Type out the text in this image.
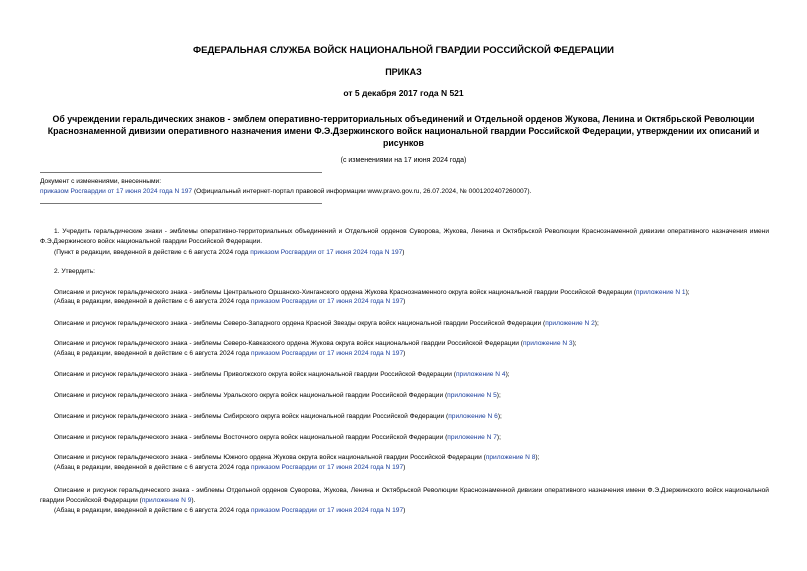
ФЕДЕРАЛЬНАЯ СЛУЖБА ВОЙСК НАЦИОНАЛЬНОЙ ГВАРДИИ РОССИЙСКОЙ ФЕДЕРАЦИИ
ПРИКАЗ
от 5 декабря 2017 года N 521
Об учреждении геральдических знаков - эмблем оперативно-территориальных объединений и Отдельной орденов Жукова, Ленина и Октябрьской Революции Краснознаменной дивизии оперативного назначения имени Ф.Э.Дзержинского войск национальной гвардии Российской Федерации, утверждении их описаний и рисунков
(с изменениями на 17 июня 2024 года)
Документ с изменениями, внесенными:
приказом Росгвардии от 17 июня 2024 года N 197 (Официальный интернет-портал правовой информации www.pravo.gov.ru, 26.07.2024, № 0001202407260007).
1. Учредить геральдические знаки - эмблемы оперативно-территориальных объединений и Отдельной орденов Суворова, Жукова, Ленина и Октябрьской Революции Краснознаменной дивизии оперативного назначения имени Ф.Э.Дзержинского войск национальной гвардии Российской Федерации.
(Пункт в редакции, введенной в действие с 6 августа 2024 года приказом Росгвардии от 17 июня 2024 года N 197)
2. Утвердить:
Описание и рисунок геральдического знака - эмблемы Центрального Оршанско-Хинганского ордена Жукова Краснознаменного округа войск национальной гвардии Российской Федерации (приложение N 1);
(Абзац в редакции, введенной в действие с 6 августа 2024 года приказом Росгвардии от 17 июня 2024 года N 197)
Описание и рисунок геральдического знака - эмблемы Северо-Западного ордена Красной Звезды округа войск национальной гвардии Российской Федерации (приложение N 2);
Описание и рисунок геральдического знака - эмблемы Северо-Кавказского ордена Жукова округа войск национальной гвардии Российской Федерации (приложение N 3);
(Абзац в редакции, введенной в действие с 6 августа 2024 года приказом Росгвардии от 17 июня 2024 года N 197)
Описание и рисунок геральдического знака - эмблемы Приволжского округа войск национальной гвардии Российской Федерации (приложение N 4);
Описание и рисунок геральдического знака - эмблемы Уральского округа войск национальной гвардии Российской Федерации (приложение N 5);
Описание и рисунок геральдического знака - эмблемы Сибирского округа войск национальной гвардии Российской Федерации (приложение N 6);
Описание и рисунок геральдического знака - эмблемы Восточного округа войск национальной гвардии Российской Федерации (приложение N 7);
Описание и рисунок геральдического знака - эмблемы Южного ордена Жукова округа войск национальной гвардии Российской Федерации (приложение N 8);
(Абзац в редакции, введенной в действие с 6 августа 2024 года приказом Росгвардии от 17 июня 2024 года N 197)
Описание и рисунок геральдического знака - эмблемы Отдельной орденов Суворова, Жукова, Ленина и Октябрьской Революции Краснознаменной дивизии оперативного назначения имени Ф.Э.Дзержинского войск национальной гвардии Российской Федерации (приложение N 9).
(Абзац в редакции, введенной в действие с 6 августа 2024 года приказом Росгвардии от 17 июня 2024 года N 197)
